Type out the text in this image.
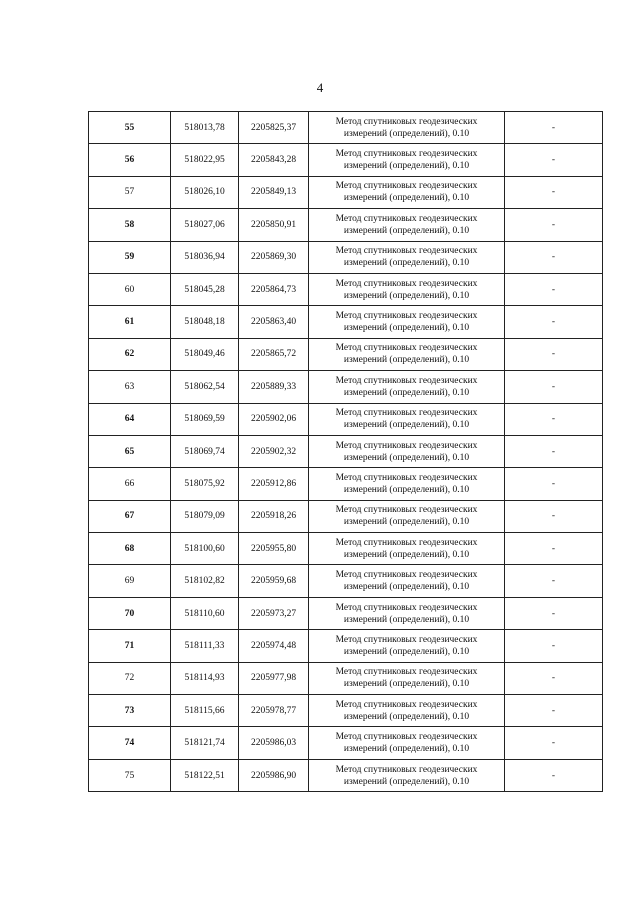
4
55	518013,78	2205825,37	Метод спутниковых геодезических
измерений (определений), 0.10	-
56	518022,95	2205843,28	Метод спутниковых геодезических
измерений (определений), 0.10	-
57	518026,10	2205849,13	Метод спутниковых геодезических
измерений (определений), 0.10	-
58	518027,06	2205850,91	Метод спутниковых геодезических
измерений (определений), 0.10	-
59	518036,94	2205869,30	Метод спутниковых геодезических
измерений (определений), 0.10	-
60	518045,28	2205864,73	Метод спутниковых геодезических
измерений (определений), 0.10	-
61	518048,18	2205863,40	Метод спутниковых геодезических
измерений (определений), 0.10	-
62	518049,46	2205865,72	Метод спутниковых геодезических
измерений (определений), 0.10	-
63	518062,54	2205889,33	Метод спутниковых геодезических
измерений (определений), 0.10	-
64	518069,59	2205902,06	Метод спутниковых геодезических
измерений (определений), 0.10	-
65	518069,74	2205902,32	Метод спутниковых геодезических
измерений (определений), 0.10	-
66	518075,92	2205912,86	Метод спутниковых геодезических
измерений (определений), 0.10	-
67	518079,09	2205918,26	Метод спутниковых геодезических
измерений (определений), 0.10	-
68	518100,60	2205955,80	Метод спутниковых геодезических
измерений (определений), 0.10	-
69	518102,82	2205959,68	Метод спутниковых геодезических
измерений (определений), 0.10	-
70	518110,60	2205973,27	Метод спутниковых геодезических
измерений (определений), 0.10	-
71	518111,33	2205974,48	Метод спутниковых геодезических
измерений (определений), 0.10	-
72	518114,93	2205977,98	Метод спутниковых геодезических
измерений (определений), 0.10	-
73	518115,66	2205978,77	Метод спутниковых геодезических
измерений (определений), 0.10	-
74	518121,74	2205986,03	Метод спутниковых геодезических
измерений (определений), 0.10	-
75	518122,51	2205986,90	Метод спутниковых геодезических
измерений (определений), 0.10	-
